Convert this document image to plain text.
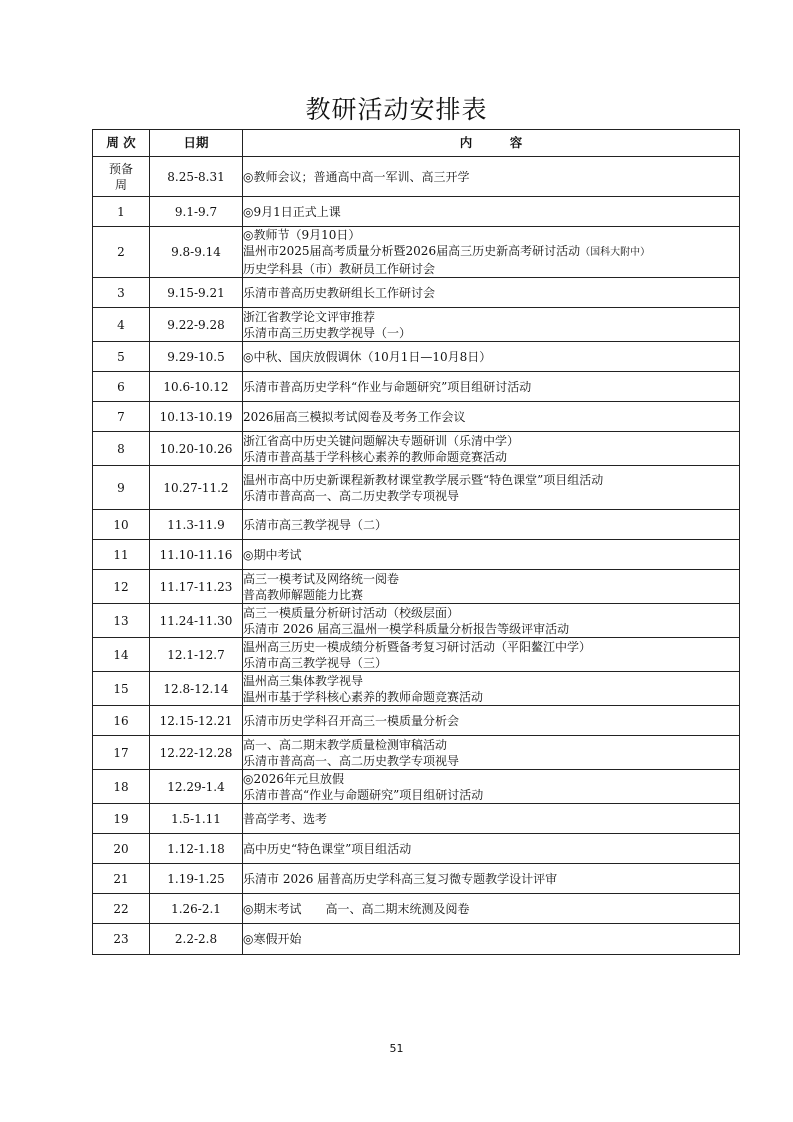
教研活动安排表
周 次	日期	内　　　容
预备周	8.25-8.31	◎教师会议；普通高中高一军训、高三开学

1	9.1-9.7	◎9月1日正式上课

2	9.8-9.14	◎教师节（9月10日）
温州市2025届高考质量分析暨2026届高三历史新高考研讨活动（国科大附中）
历史学科县（市）教研员工作研讨会

3	9.15-9.21	乐清市普高历史教研组长工作研讨会

4	9.22-9.28	浙江省教学论文评审推荐
乐清市高三历史教学视导（一）

5	9.29-10.5	◎中秋、国庆放假调休（10月1日—10月8日）

6	10.6-10.12	乐清市普高历史学科“作业与命题研究”项目组研讨活动

7	10.13-10.19	2026届高三模拟考试阅卷及考务工作会议

8	10.20-10.26	浙江省高中历史关键问题解决专题研训（乐清中学）
乐清市普高基于学科核心素养的教师命题竞赛活动

9	10.27-11.2	温州市高中历史新课程新教材课堂教学展示暨“特色课堂”项目组活动
乐清市普高高一、高二历史教学专项视导

10	11.3-11.9	乐清市高三教学视导（二）

11	11.10-11.16	◎期中考试

12	11.17-11.23	高三一模考试及网络统一阅卷
普高教师解题能力比赛

13	11.24-11.30	高三一模质量分析研讨活动（校级层面）
乐清市 2026 届高三温州一模学科质量分析报告等级评审活动

14	12.1-12.7	温州高三历史一模成绩分析暨备考复习研讨活动（平阳鳌江中学）
乐清市高三教学视导（三）

15	12.8-12.14	温州高三集体教学视导
温州市基于学科核心素养的教师命题竞赛活动

16	12.15-12.21	乐清市历史学科召开高三一模质量分析会

17	12.22-12.28	高一、高二期末教学质量检测审稿活动
乐清市普高高一、高二历史教学专项视导

18	12.29-1.4	◎2026年元旦放假
乐清市普高“作业与命题研究”项目组研讨活动

19	1.5-1.11	普高学考、选考

20	1.12-1.18	高中历史“特色课堂”项目组活动

21	1.19-1.25	乐清市 2026 届普高历史学科高三复习微专题教学设计评审

22	1.26-2.1	◎期末考试　　高一、高二期末统测及阅卷

23	2.2-2.8	◎寒假开始
51
